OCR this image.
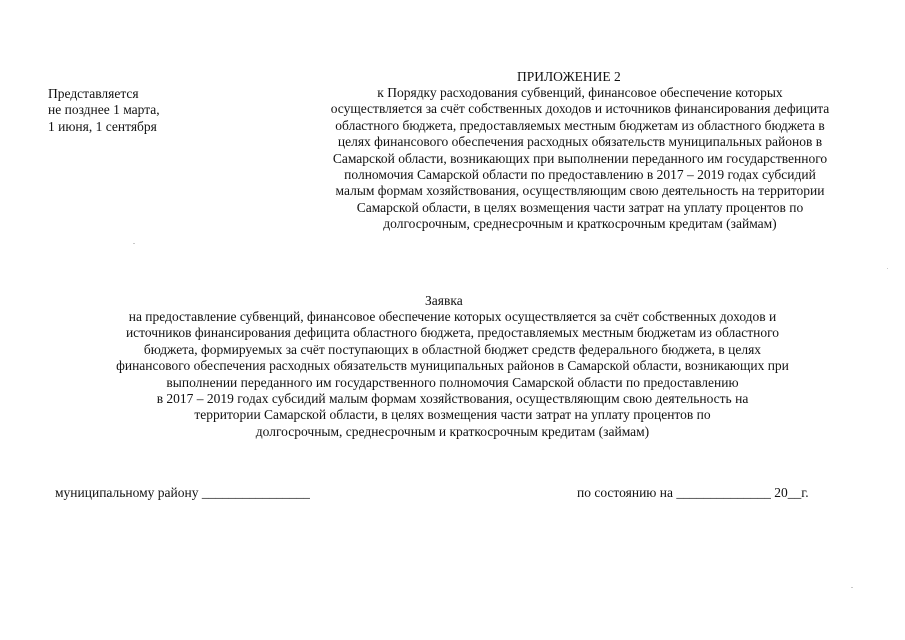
Представляется
не позднее 1 марта,
1 июня, 1 сентября
ПРИЛОЖЕНИЕ 2
к Порядку расходования субвенций, финансовое обеспечение которых
осуществляется за счёт собственных доходов и источников финансирования дефицита
областного бюджета, предоставляемых местным бюджетам из областного бюджета в
целях финансового обеспечения расходных обязательств муниципальных районов в
Самарской области, возникающих при выполнении переданного им государственного
полномочия Самарской области по предоставлению в 2017 – 2019 годах субсидий
малым формам хозяйствования, осуществляющим свою деятельность на территории
Самарской области, в целях возмещения части затрат на уплату процентов по
долгосрочным, среднесрочным и краткосрочным кредитам (займам)
Заявка
на предоставление субвенций, финансовое обеспечение которых осуществляется за счёт собственных доходов и
источников финансирования дефицита областного бюджета, предоставляемых местным бюджетам из областного
бюджета, формируемых за счёт поступающих в областной бюджет средств федерального бюджета, в целях
финансового обеспечения расходных обязательств муниципальных районов в Самарской области, возникающих при
выполнении переданного им государственного полномочия Самарской области по предоставлению
в 2017 – 2019 годах субсидий малым формам хозяйствования, осуществляющим свою деятельность на
территории Самарской области, в целях возмещения части затрат на уплату процентов по
долгосрочным, среднесрочным и краткосрочным кредитам (займам)
муниципальному району ________________	по состоянию на ______________ 20__г.
